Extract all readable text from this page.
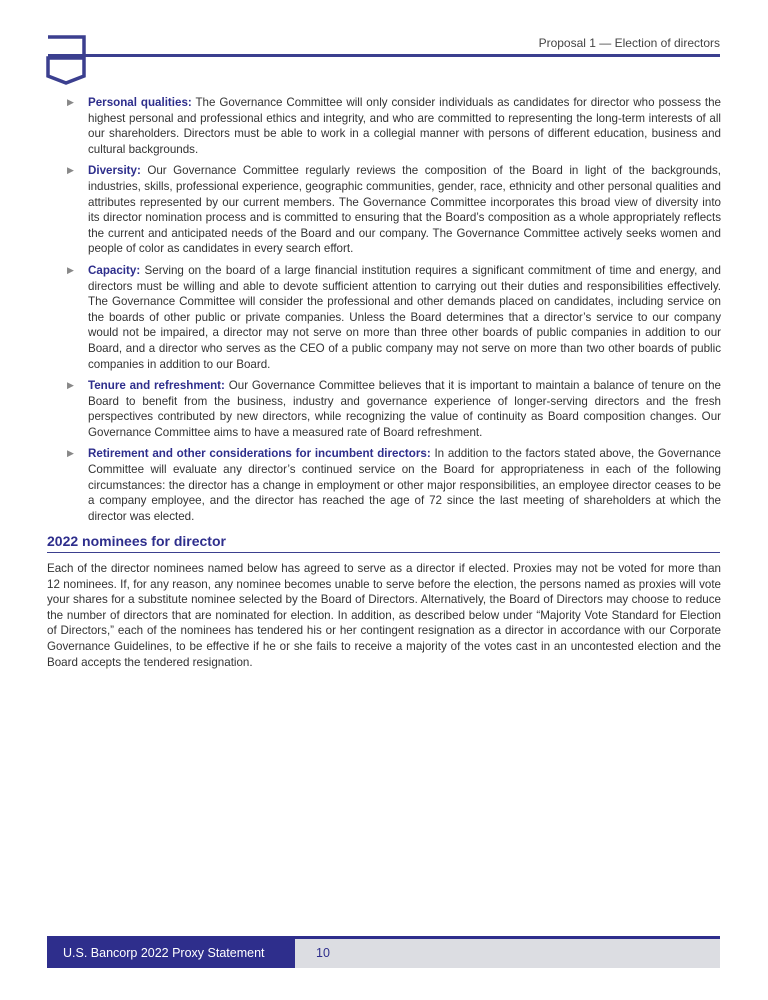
Proposal 1 — Election of directors
▶ Personal qualities: The Governance Committee will only consider individuals as candidates for director who possess the highest personal and professional ethics and integrity, and who are committed to representing the long-term interests of all our shareholders. Directors must be able to work in a collegial manner with persons of different education, business and cultural backgrounds.
▶ Diversity: Our Governance Committee regularly reviews the composition of the Board in light of the backgrounds, industries, skills, professional experience, geographic communities, gender, race, ethnicity and other personal qualities and attributes represented by our current members. The Governance Committee incorporates this broad view of diversity into its director nomination process and is committed to ensuring that the Board’s composition as a whole appropriately reflects the current and anticipated needs of the Board and our company. The Governance Committee actively seeks women and people of color as candidates in every search effort.
▶ Capacity: Serving on the board of a large financial institution requires a significant commitment of time and energy, and directors must be willing and able to devote sufficient attention to carrying out their duties and responsibilities effectively. The Governance Committee will consider the professional and other demands placed on candidates, including service on the boards of other public or private companies. Unless the Board determines that a director’s service to our company would not be impaired, a director may not serve on more than three other boards of public companies in addition to our Board, and a director who serves as the CEO of a public company may not serve on more than two other boards of public companies in addition to our Board.
▶ Tenure and refreshment: Our Governance Committee believes that it is important to maintain a balance of tenure on the Board to benefit from the business, industry and governance experience of longer-serving directors and the fresh perspectives contributed by new directors, while recognizing the value of continuity as Board composition changes. Our Governance Committee aims to have a measured rate of Board refreshment.
▶ Retirement and other considerations for incumbent directors: In addition to the factors stated above, the Governance Committee will evaluate any director’s continued service on the Board for appropriateness in each of the following circumstances: the director has a change in employment or other major responsibilities, an employee director ceases to be a company employee, and the director has reached the age of 72 since the last meeting of shareholders at which the director was elected.
2022 nominees for director

Each of the director nominees named below has agreed to serve as a director if elected. Proxies may not be voted for more than 12 nominees. If, for any reason, any nominee becomes unable to serve before the election, the persons named as proxies will vote your shares for a substitute nominee selected by the Board of Directors. Alternatively, the Board of Directors may choose to reduce the number of directors that are nominated for election. In addition, as described below under “Majority Vote Standard for Election of Directors,” each of the nominees has tendered his or her contingent resignation as a director in accordance with our Corporate Governance Guidelines, to be effective if he or she fails to receive a majority of the votes cast in an uncontested election and the Board accepts the tendered resignation.

U.S. Bancorp 2022 Proxy Statement	10
